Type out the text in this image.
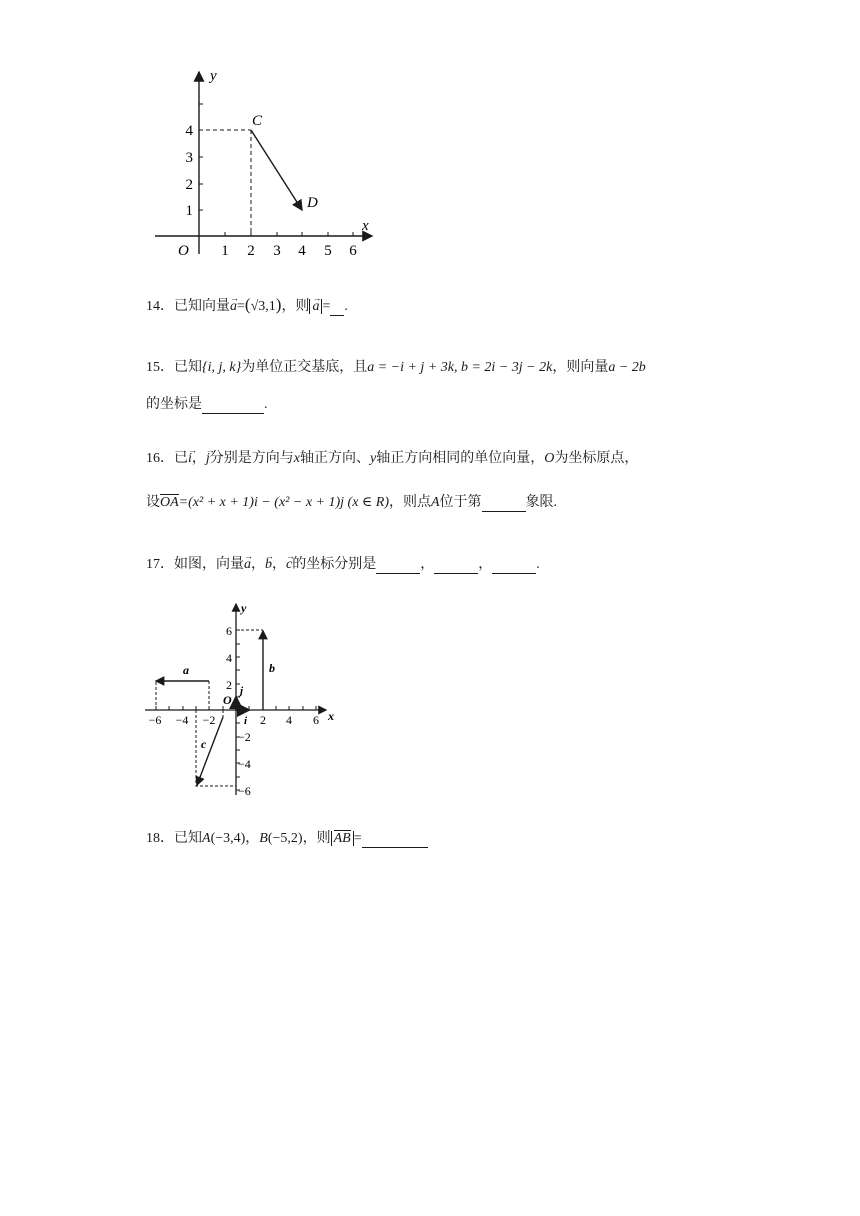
y
x
O
C
D
1 2 3 4 5 6
1
2
3
4
14．已知向量→ a=(√3,1)，则→ a = .
15．已知{i, j, k}为单位正交基底，且a = −i + j + 3k, b = 2i − 3j − 2k，则向量a − 2b
的坐标是	.
16．已→ i，→ j分别是方向与x轴正方向、y轴正方向相同的单位向量，O为坐标原点，
设OA=(x² + x + 1)i − (x² − x + 1)j (x ∈ R)，则点A位于第	象限.
17．如图，向量→ a，→ b，→ c的坐标分别是	，	，	.
y
x
O
a	b
c
i
j
−6 −4 −2	2 4 6
6
4
2
−2
−4
−6
18．已知A(−3,4)，B(−5,2)，则 AB =
